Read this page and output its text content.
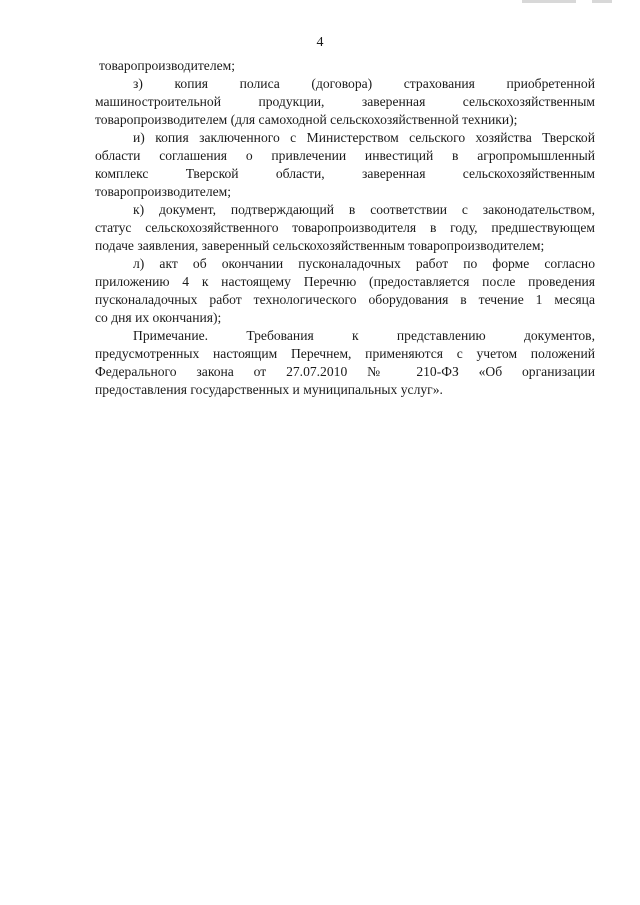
4
товаропроизводителем;
з) копия полиса (договора) страхования приобретенной
машиностроительной продукции, заверенная сельскохозяйственным
товаропроизводителем (для самоходной сельскохозяйственной техники);
и) копия заключенного с Министерством сельского хозяйства Тверской
области соглашения о привлечении инвестиций в агропромышленный
комплекс Тверской области, заверенная сельскохозяйственным
товаропроизводителем;
к) документ, подтверждающий в соответствии с законодательством,
статус сельскохозяйственного товаропроизводителя в году, предшествующем
подаче заявления, заверенный сельскохозяйственным товаропроизводителем;
л) акт об окончании пусконаладочных работ по форме согласно
приложению 4 к настоящему Перечню (предоставляется после проведения
пусконаладочных работ технологического оборудования в течение 1 месяца
со дня их окончания);
Примечание. Требования к представлению документов,
предусмотренных настоящим Перечнем, применяются с учетом положений
Федерального закона от 27.07.2010 № 210-ФЗ «Об организации
предоставления государственных и муниципальных услуг».
